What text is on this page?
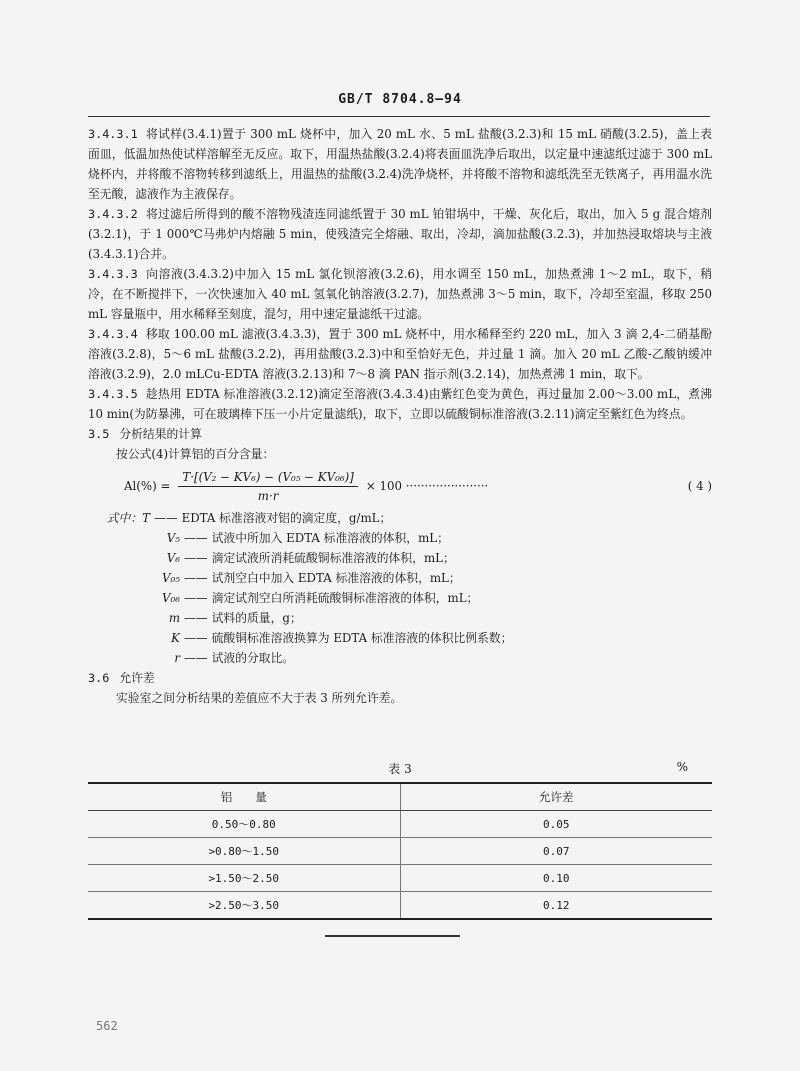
GB/T 8704.8—94

3.4.3.1 将试样(3.4.1)置于 300 mL 烧杯中，加入 20 mL 水、5 mL 盐酸(3.2.3)和 15 mL 硝酸(3.2.5)，盖上表面皿，低温加热使试样溶解至无反应。取下，用温热盐酸(3.2.4)将表面皿洗净后取出，以定量中速滤纸过滤于 300 mL 烧杯内，并将酸不溶物转移到滤纸上，用温热的盐酸(3.2.4)洗净烧杯，并将酸不溶物和滤纸洗至无铁离子，再用温水洗至无酸，滤液作为主液保存。

3.4.3.2 将过滤后所得到的酸不溶物残渣连同滤纸置于 30 mL 铂钳埚中，干燥、灰化后，取出，加入 5 g 混合熔剂(3.2.1)，于 1 000℃马弗炉内熔融 5 min，使残渣完全熔融、取出，冷却，滴加盐酸(3.2.3)，并加热浸取熔块与主液(3.4.3.1)合并。

3.4.3.3 向溶液(3.4.3.2)中加入 15 mL 氯化钡溶液(3.2.6)，用水调至 150 mL，加热煮沸 1～2 mL，取下，稍冷，在不断搅拌下，一次快速加入 40 mL 氢氧化钠溶液(3.2.7)，加热煮沸 3～5 min，取下，冷却至室温，移取 250 mL 容量瓶中，用水稀释至刻度，混匀，用中速定量滤纸干过滤。

3.4.3.4 移取 100.00 mL 滤液(3.4.3.3)，置于 300 mL 烧杯中，用水稀释至约 220 mL，加入 3 滴 2,4-二硝基酚溶液(3.2.8)，5～6 mL 盐酸(3.2.2)，再用盐酸(3.2.3)中和至恰好无色，并过量 1 滴。加入 20 mL 乙酸-乙酸钠缓冲溶液(3.2.9)，2.0 mLCu-EDTA 溶液(3.2.13)和 7～8 滴 PAN 指示剂(3.2.14)，加热煮沸 1 min，取下。

3.4.3.5 趁热用 EDTA 标准溶液(3.2.12)滴定至溶液(3.4.3.4)由紫红色变为黄色，再过量加 2.00～3.00 mL，煮沸 10 min(为防暴沸，可在玻璃棒下压一小片定量滤纸)，取下，立即以硫酸铜标准溶液(3.2.11)滴定至紫红色为终点。

3.5 分析结果的计算

按公式(4)计算铝的百分含量：

$Al(\%) = \frac{\text{T·[(V₂ − KV₆) − (V₀₅ − KV₀₆)]}}{m\cdot r} \times 100$ ······················	( 4 )
式中：T —— EDTA 标准溶液对铝的滴定度，g/mL；
V₅ —— 试液中所加入 EDTA 标准溶液的体积，mL；
V₆ —— 滴定试液所消耗硫酸铜标准溶液的体积，mL；
V₀₅ —— 试剂空白中加入 EDTA 标准溶液的体积，mL；
V₀₆ —— 滴定试剂空白所消耗硫酸铜标准溶液的体积，mL；
m —— 试料的质量，g；
K —— 硫酸铜标准溶液换算为 EDTA 标准溶液的体积比例系数；
r —— 试液的分取比。

3.6 允许差

实验室之间分析结果的差值应不大于表 3 所列允许差。

表 3	%
铝　　量	允许差
0.50～0.80	0.05
>0.80～1.50	0.07
>1.50～2.50	0.10
>2.50～3.50	0.12
562
